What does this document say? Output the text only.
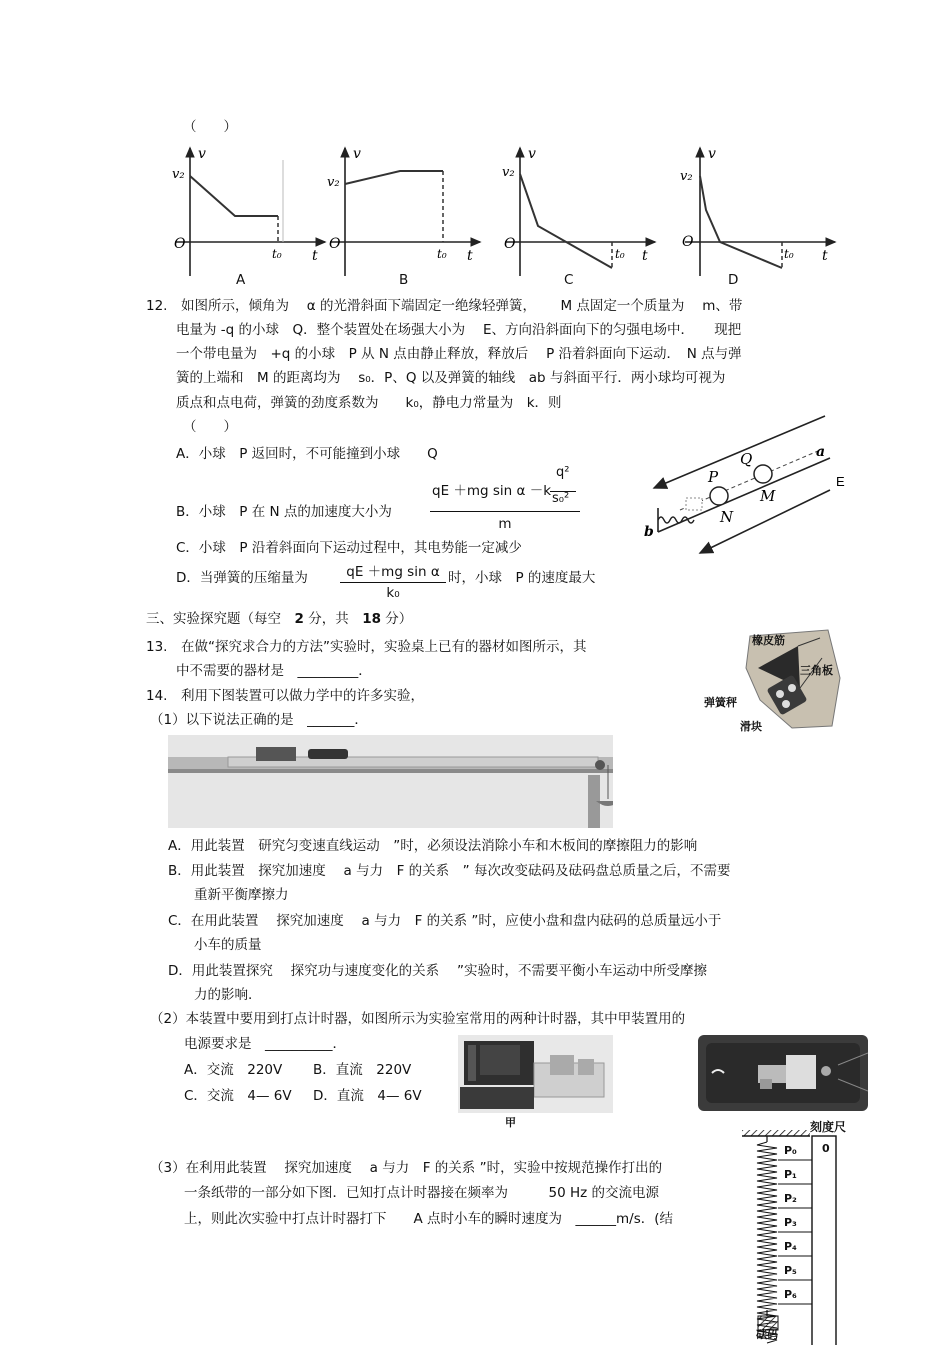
（　　）
v
v₂
O
t₀ t
v
v₂
O
t₀ t
v
v₂
O
t₀ t
v
v₂
O
t₀ t
A	B	C	D
12.　如图所示，倾角为　 α 的光滑斜面下端固定一绝缘轻弹簧，　　 M 点固定一个质量为　 m、带
电量为 -q 的小球　Q．整个装置处在场强大小为　 E、方向沿斜面向下的匀强电场中．　　现把
一个带电量为　+q 的小球　P 从 N 点由静止释放，释放后　 P 沿着斜面向下运动．　N 点与弹
簧的上端和　M 的距离均为　 s₀．P、Q 以及弹簧的轴线　ab 与斜面平行．两小球均可视为
质点和点电荷，弹簧的劲度系数为　　k₀，静电力常量为　k．则
（　　）
A．小球　P 返回时，不可能撞到小球　　Q
B．小球　P 在 N 点的加速度大小为
qE ＋mg sin α －k
q²
s₀²
m
C．小球　P 沿着斜面向下运动过程中，其电势能一定减少
D．当弹簧的压缩量为	qE ＋mg sin α
k₀
时，小球　P 的速度最大
P
Q
M
N
a
b
E
三、实验探究题（每空　2 分，共　18 分）
13.　在做“探究求合力的方法”实验时，实验桌上已有的器材如图所示，其
中不需要的器材是　_________．
橡皮筋
三角板
弹簧秤
滑块
14.　利用下图装置可以做力学中的许多实验，
（1）以下说法正确的是　_______．
A．用此装置　研究匀变速直线运动　”时，必须设法消除小车和木板间的摩擦阻力的影响
B．用此装置　探究加速度　 a 与力　F 的关系　” 每次改变砝码及砝码盘总质量之后，不需要
重新平衡摩擦力
C．在用此装置　 探究加速度　 a 与力　F 的关系 ”时，应使小盘和盘内砝码的总质量远小于
小车的质量
D．用此装置探究　 探究功与速度变化的关系　 ”实验时，不需要平衡小车运动中所受摩擦
力的影响.
（2）本装置中要用到打点计时器，如图所示为实验室常用的两种计时器，其中甲装置用的
电源要求是　__________．
A．交流　220V B．直流　220V
C．交流　4— 6V D．直流　4— 6V
甲
（3）在利用此装置　 探究加速度　 a 与力　F 的关系 ”时，实验中按规范操作打出的
一条纸带的一部分如下图．已知打点计时器接在频率为　　　50 Hz 的交流电源
上，则此次实验中打点计时器打下　　A 点时小车的瞬时速度为　______m/s．(结
刻度尺
0
P₀
P₁
P₂
P₃
P₄
P₅
P₆
砝码
